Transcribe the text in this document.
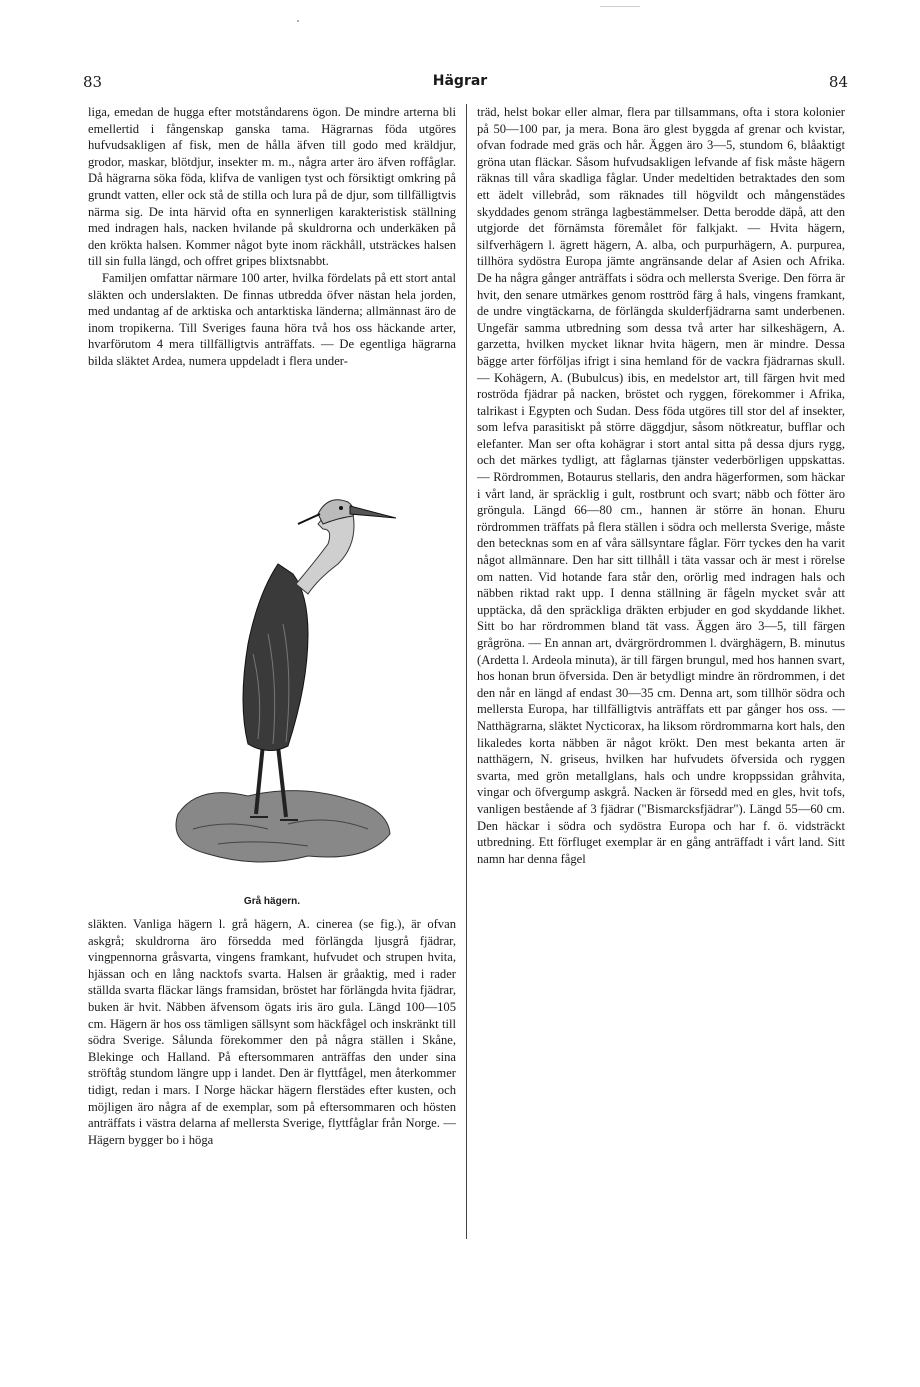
83	Hägrar	84

liga, emedan de hugga efter motståndarens ögon. De mindre arterna bli emellertid i fångenskap ganska tama. Hägrarnas föda utgöres hufvudsakligen af fisk, men de hålla äfven till godo med kräldjur, grodor, maskar, blötdjur, insekter m. m., några arter äro äfven roffåglar. Då hägrarna söka föda, klifva de vanligen tyst och försiktigt omkring på grundt vatten, eller ock stå de stilla och lura på de djur, som tillfälligtvis närma sig. De inta härvid ofta en synnerligen karakteristisk ställning med indragen hals, nacken hvilande på skuldrorna och underkäken på den krökta halsen. Kommer något byte inom räckhåll, utsträckes halsen till sin fulla längd, och offret gripes blixtsnabbt.

Familjen omfattar närmare 100 arter, hvilka fördelats på ett stort antal släkten och underslakten. De finnas utbredda öfver nästan hela jorden, med undantag af de arktiska och antarktiska länderna; allmännast äro de inom tropikerna. Till Sveriges fauna höra två hos oss häckande arter, hvarförutom 4 mera tillfälligtvis anträffats. — De egentliga hägrarna bilda släktet Ardea, numera uppdeladt i flera under-

släkten. Vanliga hägern l. grå hägern, A. cinerea (se fig.), är ofvan askgrå; skuldrorna äro försedda med förlängda ljusgrå fjädrar, vingpennorna gråsvarta, vingens framkant, hufvudet och strupen hvita, hjässan och en lång nacktofs svarta. Halsen är gråaktig, med i rader ställda svarta fläckar längs framsidan, bröstet har förlängda hvita fjädrar, buken är hvit. Näbben äfvensom ögats iris äro gula. Längd 100—105 cm. Hägern är hos oss tämligen sällsynt som häckfågel och inskränkt till södra Sverige. Sålunda förekommer den på några ställen i Skåne, Blekinge och Halland. På eftersommaren anträffas den under sina ströftåg stundom längre upp i landet. Den är flyttfågel, men återkommer tidigt, redan i mars. I Norge häckar hägern flerstädes efter kusten, och möjligen äro några af de exemplar, som på eftersommaren och hösten anträffats i västra delarna af mellersta Sverige, flyttfåglar från Norge. — Hägern bygger bo i höga

Grå hägern.

träd, helst bokar eller almar, flera par tillsammans, ofta i stora kolonier på 50—100 par, ja mera. Bona äro glest byggda af grenar och kvistar, ofvan fodrade med gräs och hår. Äggen äro 3—5, stundom 6, blåaktigt gröna utan fläckar. Såsom hufvudsakligen lefvande af fisk måste hägern räknas till våra skadliga fåglar. Under medeltiden betraktades den som ett ädelt villebråd, som räknades till högvildt och mångenstädes skyddades genom stränga lagbestämmelser. Detta berodde däpå, att den utgjorde det förnämsta föremålet för falkjakt. — Hvita hägern, silfverhägern l. ägrett hägern, A. alba, och purpurhägern, A. purpurea, tillhöra sydöstra Europa jämte angränsande delar af Asien och Afrika. De ha några gånger anträffats i södra och mellersta Sverige. Den förra är hvit, den senare utmärkes genom rosttröd färg å hals, vingens framkant, de undre vingtäckarna, de förlängda skulderfjädrarna samt underbenen. Ungefär samma utbredning som dessa två arter har silkeshägern, A. garzetta, hvilken mycket liknar hvita hägern, men är mindre. Dessa bägge arter förföljas ifrigt i sina hemland för de vackra fjädrarnas skull. — Kohägern, A. (Bubulcus) ibis, en medelstor art, till färgen hvit med roströda fjädrar på nacken, bröstet och ryggen, förekommer i Afrika, talrikast i Egypten och Sudan. Dess föda utgöres till stor del af insekter, som lefva parasitiskt på större däggdjur, såsom nötkreatur, bufflar och elefanter. Man ser ofta kohägrar i stort antal sitta på dessa djurs rygg, och det märkes tydligt, att fåglarnas tjänster vederbörligen uppskattas. — Rördrommen, Botaurus stellaris, den andra hägerformen, som häckar i vårt land, är spräcklig i gult, rostbrunt och svart; näbb och fötter äro gröngula. Längd 66—80 cm., hannen är större än honan. Ehuru rördrommen träffats på flera ställen i södra och mellersta Sverige, måste den betecknas som en af våra sällsyntare fåglar. Förr tyckes den ha varit något allmännare. Den har sitt tillhåll i täta vassar och är mest i rörelse om natten. Vid hotande fara står den, orörlig med indragen hals och näbben riktad rakt upp. I denna ställning är fågeln mycket svår att upptäcka, då den spräckliga dräkten erbjuder en god skyddande likhet. Sitt bo har rördrommen bland tät vass. Äggen äro 3—5, till färgen grågröna. — En annan art, dvärgrördrommen l. dvärghägern, B. minutus (Ardetta l. Ardeola minuta), är till färgen brungul, med hos hannen svart, hos honan brun öfversida. Den är betydligt mindre än rördrommen, i det den når en längd af endast 30—35 cm. Denna art, som tillhör södra och mellersta Europa, har tillfälligtvis anträffats ett par gånger hos oss. — Natthägrarna, släktet Nycticorax, ha liksom rördrommarna kort hals, den likaledes korta näbben är något krökt. Den mest bekanta arten är natthägern, N. griseus, hvilken har hufvudets öfversida och ryggen svarta, med grön metallglans, hals och undre kroppssidan gråhvita, vingar och öfvergump askgrå. Nacken är försedd med en gles, hvit tofs, vanligen bestående af 3 fjädrar ("Bismarcksfjädrar"). Längd 55—60 cm. Den häckar i södra och sydöstra Europa och har f. ö. vidsträckt utbredning. Ett förfluget exemplar är en gång anträffadt i vårt land. Sitt namn har denna fågel
